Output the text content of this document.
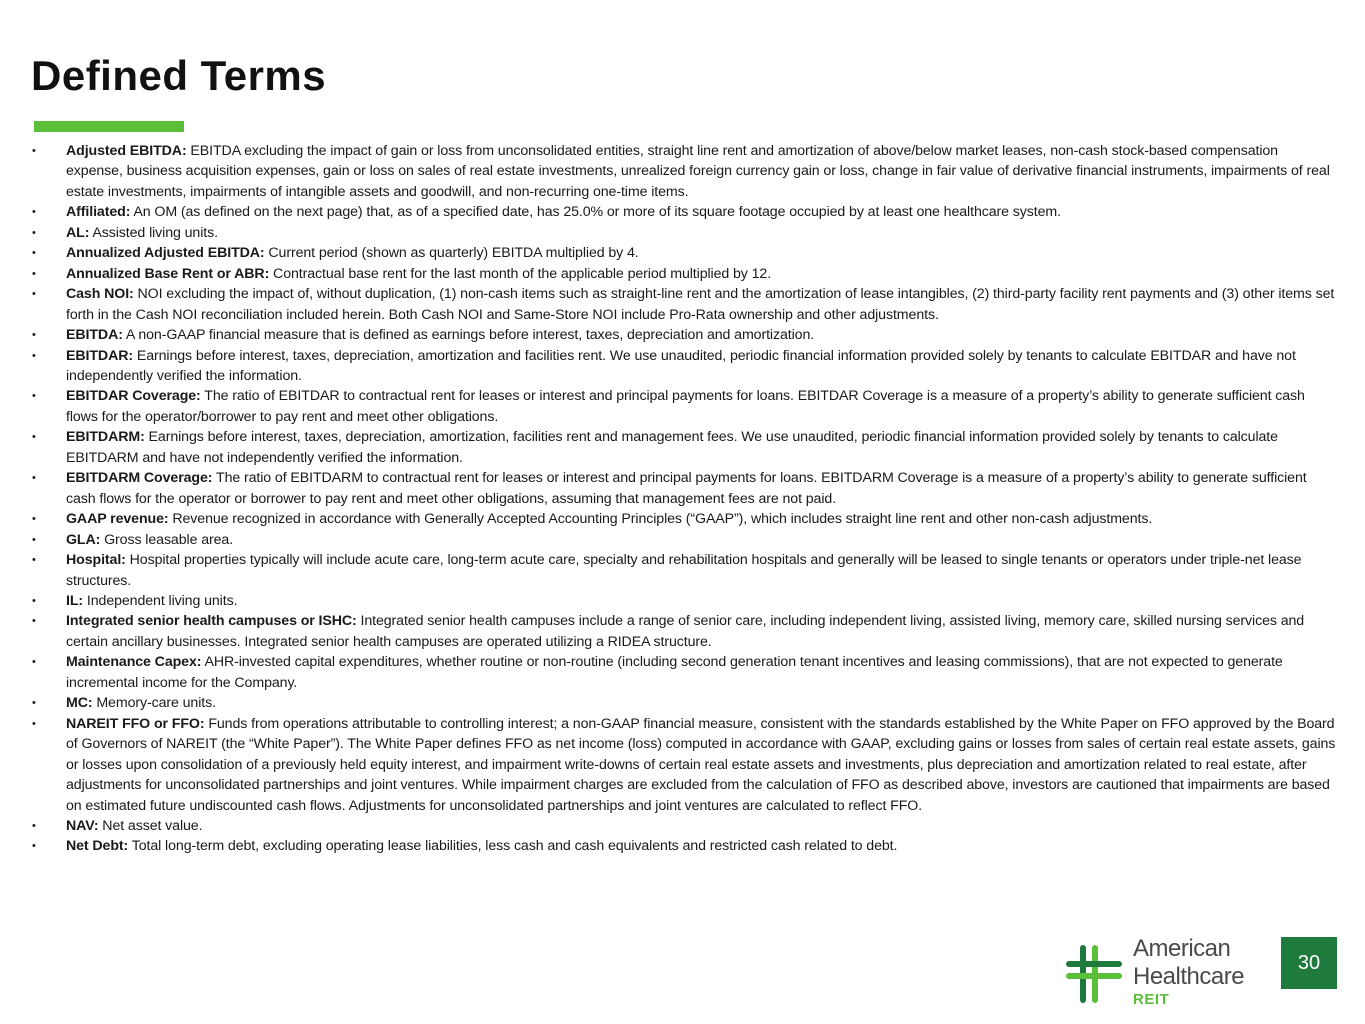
Defined Terms
• Adjusted EBITDA: EBITDA excluding the impact of gain or loss from unconsolidated entities, straight line rent and amortization of above/below market leases, non-cash stock-based compensation expense, business acquisition expenses, gain or loss on sales of real estate investments, unrealized foreign currency gain or loss, change in fair value of derivative financial instruments, impairments of real estate investments, impairments of intangible assets and goodwill, and non-recurring one-time items.
• Affiliated: An OM (as defined on the next page) that, as of a specified date, has 25.0% or more of its square footage occupied by at least one healthcare system.
• AL: Assisted living units.
• Annualized Adjusted EBITDA: Current period (shown as quarterly) EBITDA multiplied by 4.
• Annualized Base Rent or ABR: Contractual base rent for the last month of the applicable period multiplied by 12.
• Cash NOI: NOI excluding the impact of, without duplication, (1) non-cash items such as straight-line rent and the amortization of lease intangibles, (2) third-party facility rent payments and (3) other items set forth in the Cash NOI reconciliation included herein. Both Cash NOI and Same-Store NOI include Pro-Rata ownership and other adjustments.
• EBITDA: A non-GAAP financial measure that is defined as earnings before interest, taxes, depreciation and amortization.
• EBITDAR: Earnings before interest, taxes, depreciation, amortization and facilities rent. We use unaudited, periodic financial information provided solely by tenants to calculate EBITDAR and have not independently verified the information.
• EBITDAR Coverage: The ratio of EBITDAR to contractual rent for leases or interest and principal payments for loans. EBITDAR Coverage is a measure of a property’s ability to generate sufficient cash flows for the operator/borrower to pay rent and meet other obligations.
• EBITDARM: Earnings before interest, taxes, depreciation, amortization, facilities rent and management fees. We use unaudited, periodic financial information provided solely by tenants to calculate EBITDARM and have not independently verified the information.
• EBITDARM Coverage: The ratio of EBITDARM to contractual rent for leases or interest and principal payments for loans. EBITDARM Coverage is a measure of a property’s ability to generate sufficient cash flows for the operator or borrower to pay rent and meet other obligations, assuming that management fees are not paid.
• GAAP revenue: Revenue recognized in accordance with Generally Accepted Accounting Principles (“GAAP”), which includes straight line rent and other non-cash adjustments.
• GLA: Gross leasable area.
• Hospital: Hospital properties typically will include acute care, long-term acute care, specialty and rehabilitation hospitals and generally will be leased to single tenants or operators under triple-net lease structures.
• IL: Independent living units.
• Integrated senior health campuses or ISHC: Integrated senior health campuses include a range of senior care, including independent living, assisted living, memory care, skilled nursing services and certain ancillary businesses. Integrated senior health campuses are operated utilizing a RIDEA structure.
• Maintenance Capex: AHR-invested capital expenditures, whether routine or non-routine (including second generation tenant incentives and leasing commissions), that are not expected to generate incremental income for the Company.
• MC: Memory-care units.
• NAREIT FFO or FFO: Funds from operations attributable to controlling interest; a non-GAAP financial measure, consistent with the standards established by the White Paper on FFO approved by the Board of Governors of NAREIT (the “White Paper”). The White Paper defines FFO as net income (loss) computed in accordance with GAAP, excluding gains or losses from sales of certain real estate assets, gains or losses upon consolidation of a previously held equity interest, and impairment write-downs of certain real estate assets and investments, plus depreciation and amortization related to real estate, after adjustments for unconsolidated partnerships and joint ventures. While impairment charges are excluded from the calculation of FFO as described above, investors are cautioned that impairments are based on estimated future undiscounted cash flows. Adjustments for unconsolidated partnerships and joint ventures are calculated to reflect FFO.
• NAV: Net asset value.
• Net Debt: Total long-term debt, excluding operating lease liabilities, less cash and cash equivalents and restricted cash related to debt.
American
Healthcare
REIT
30
